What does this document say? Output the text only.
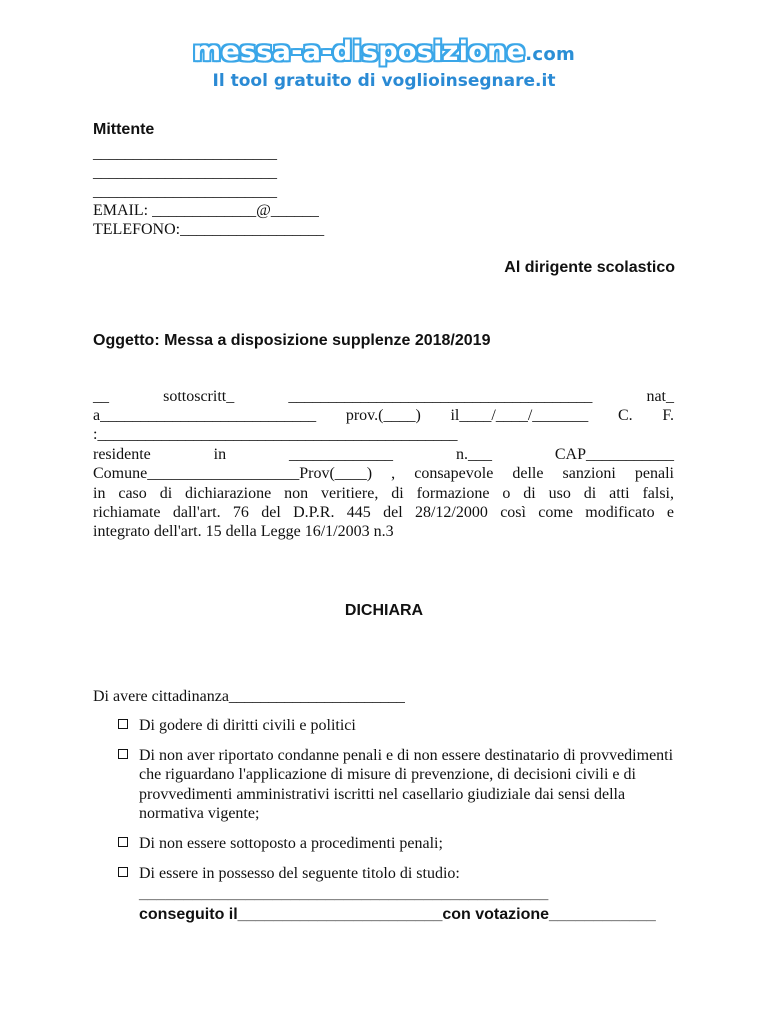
messa-a-disposizione.com
Il tool gratuito di voglioinsegnare.it
Mittente
_______________________
_______________________
_______________________
EMAIL: _____________@______
TELEFONO:__________________
Al dirigente scolastico
Oggetto: Messa a disposizione supplenze 2018/2019
__ sottoscritt_ ______________________________________ nat_
a___________________________ prov.(____) il____/____/_______ C. F.
:_____________________________________________
residente in _____________ n.___ CAP___________
Comune___________________Prov(____) , consapevole delle sanzioni penali
in caso di dichiarazione non veritiere, di formazione o di uso di atti falsi,
richiamate dall'art. 76 del D.P.R. 445 del 28/12/2000 così come modificato e
integrato dell'art. 15 della Legge 16/1/2003 n.3
DICHIARA
Di avere cittadinanza______________________
Di godere di diritti civili e politici
Di non aver riportato condanne penali e di non essere destinatario di provvedimenti che riguardano l'applicazione di misure di prevenzione, di decisioni civili e di provvedimenti amministrativi iscritti nel casellario giudiziale dai sensi della normativa vigente;
Di non essere sottoposto a procedimenti penali;
Di essere in possesso del seguente titolo di studio:
______________________________________________
conseguito il_______________________con votazione____________
